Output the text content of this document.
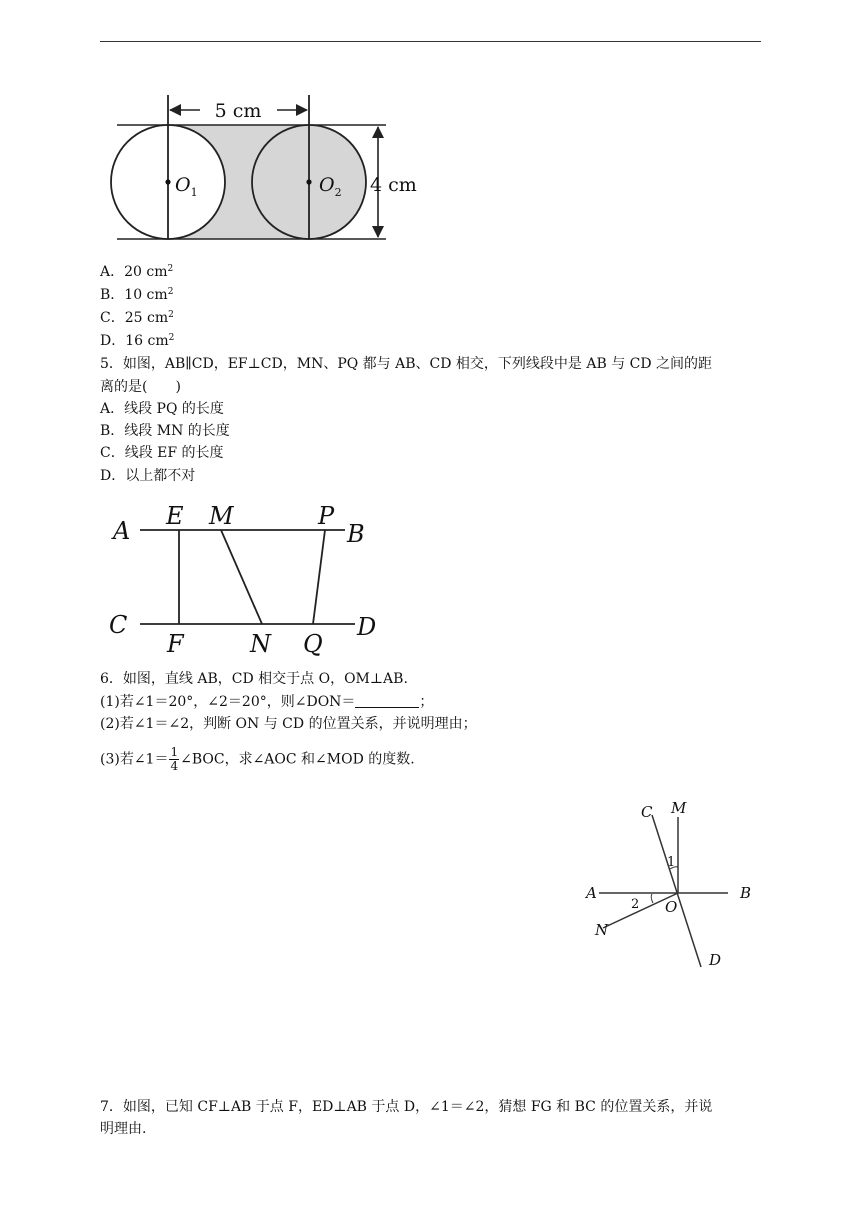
5 cm
4 cm
$O_1$	$O_2$
A．20 $cm^2$
B．10 $cm^2$
C．25 $cm^2$
D．16 $cm^2$
5．如图，AB∥CD，EF⊥CD，MN、PQ 都与 AB、CD 相交，下列线段中是 AB 与 CD 之间的距
离的是(　　)
A．线段 PQ 的长度
B．线段 MN 的长度
C．线段 EF 的长度
D．以上都不对
A
E M	P
B
C
F	N Q
D
6．如图，直线 AB，CD 相交于点 O，OM⊥AB.
(1)若∠1＝20°，∠2＝20°，则∠DON＝	；
(2)若∠1＝∠2，判断 ON 与 CD 的位置关系，并说明理由；
(3)若∠1＝ $\frac{1}{4}$ ∠BOC，求∠AOC 和∠MOD 的度数.
C M
A
O
B
N
D
1
2
7．如图，已知 CF⊥AB 于点 F，ED⊥AB 于点 D，∠1＝∠2，猜想 FG 和 BC 的位置关系，并说
明理由.
